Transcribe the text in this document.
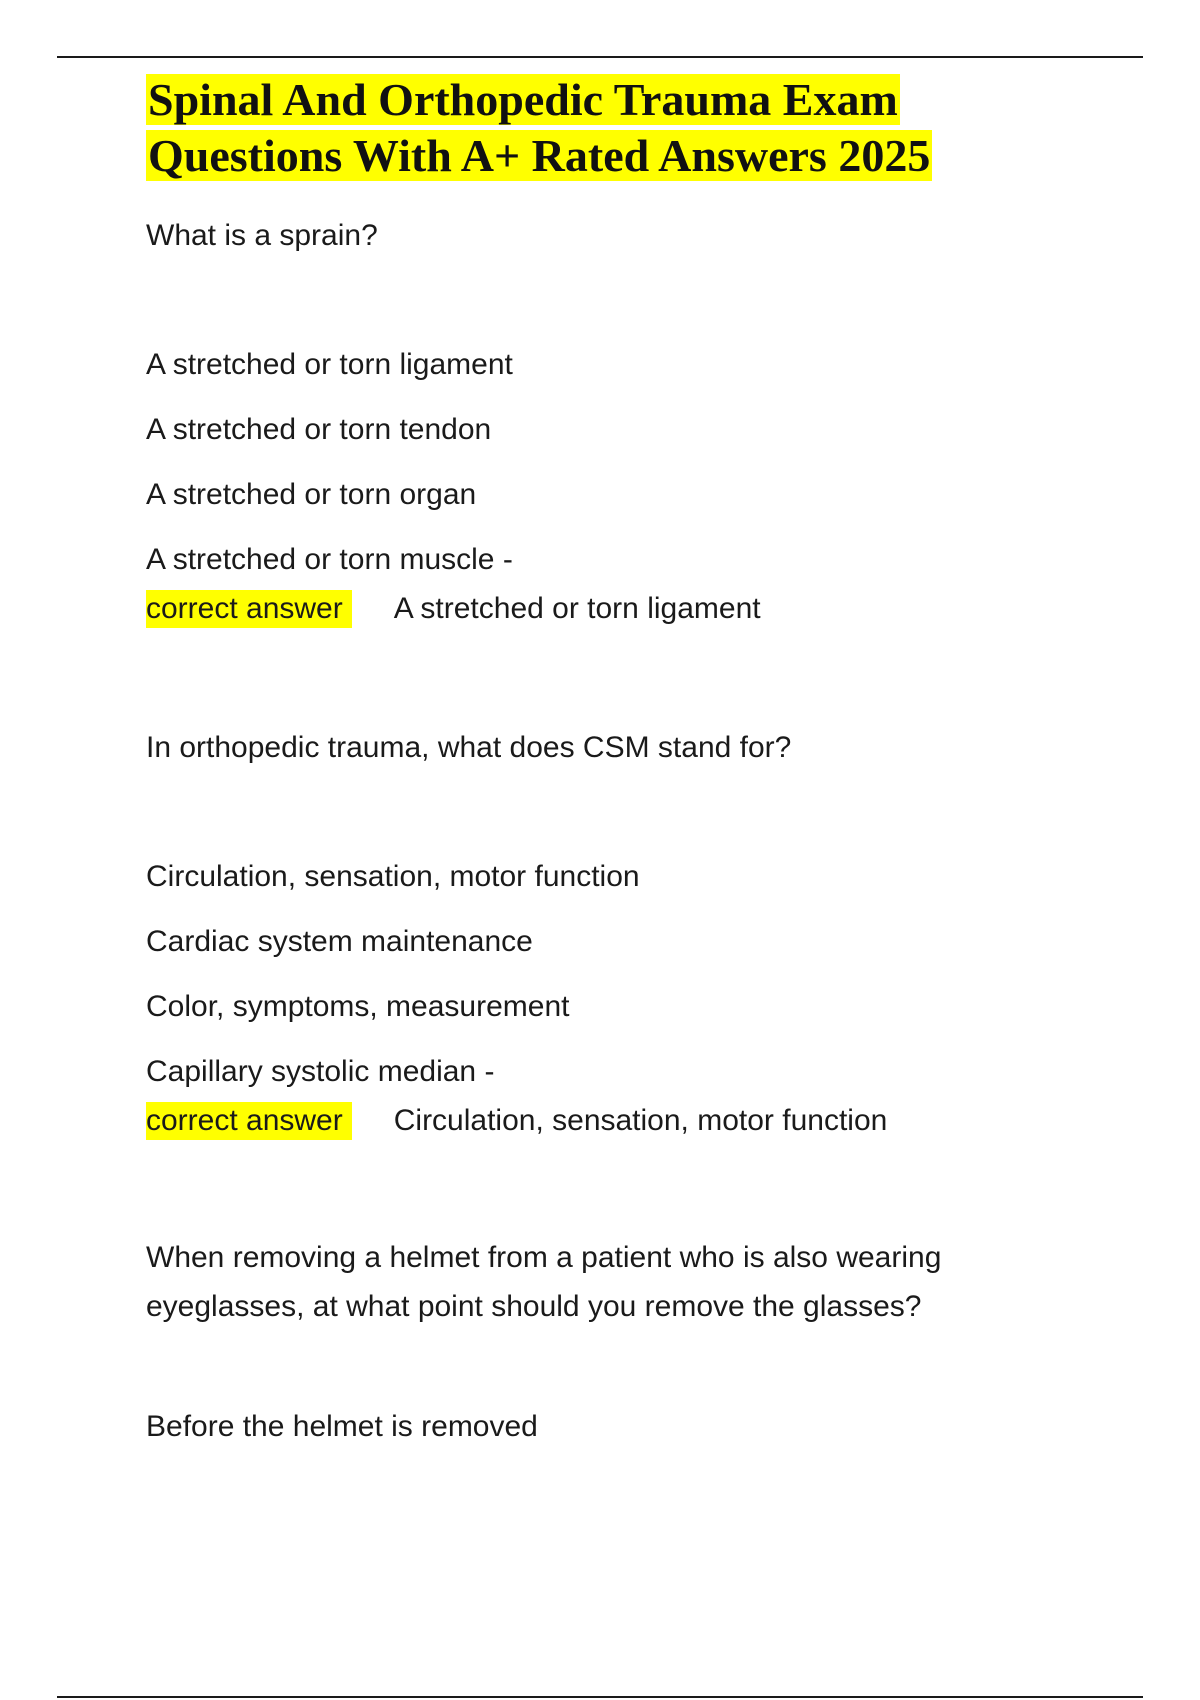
Spinal And Orthopedic Trauma Exam
Questions With A+ Rated Answers 2025

What is a sprain?

A stretched or torn ligament

A stretched or torn tendon

A stretched or torn organ

A stretched or torn muscle -

correct answer	A stretched or torn ligament

In orthopedic trauma, what does CSM stand for?

Circulation, sensation, motor function

Cardiac system maintenance

Color, symptoms, measurement

Capillary systolic median -

correct answer	Circulation, sensation, motor function

When removing a helmet from a patient who is also wearing

eyeglasses, at what point should you remove the glasses?

Before the helmet is removed
